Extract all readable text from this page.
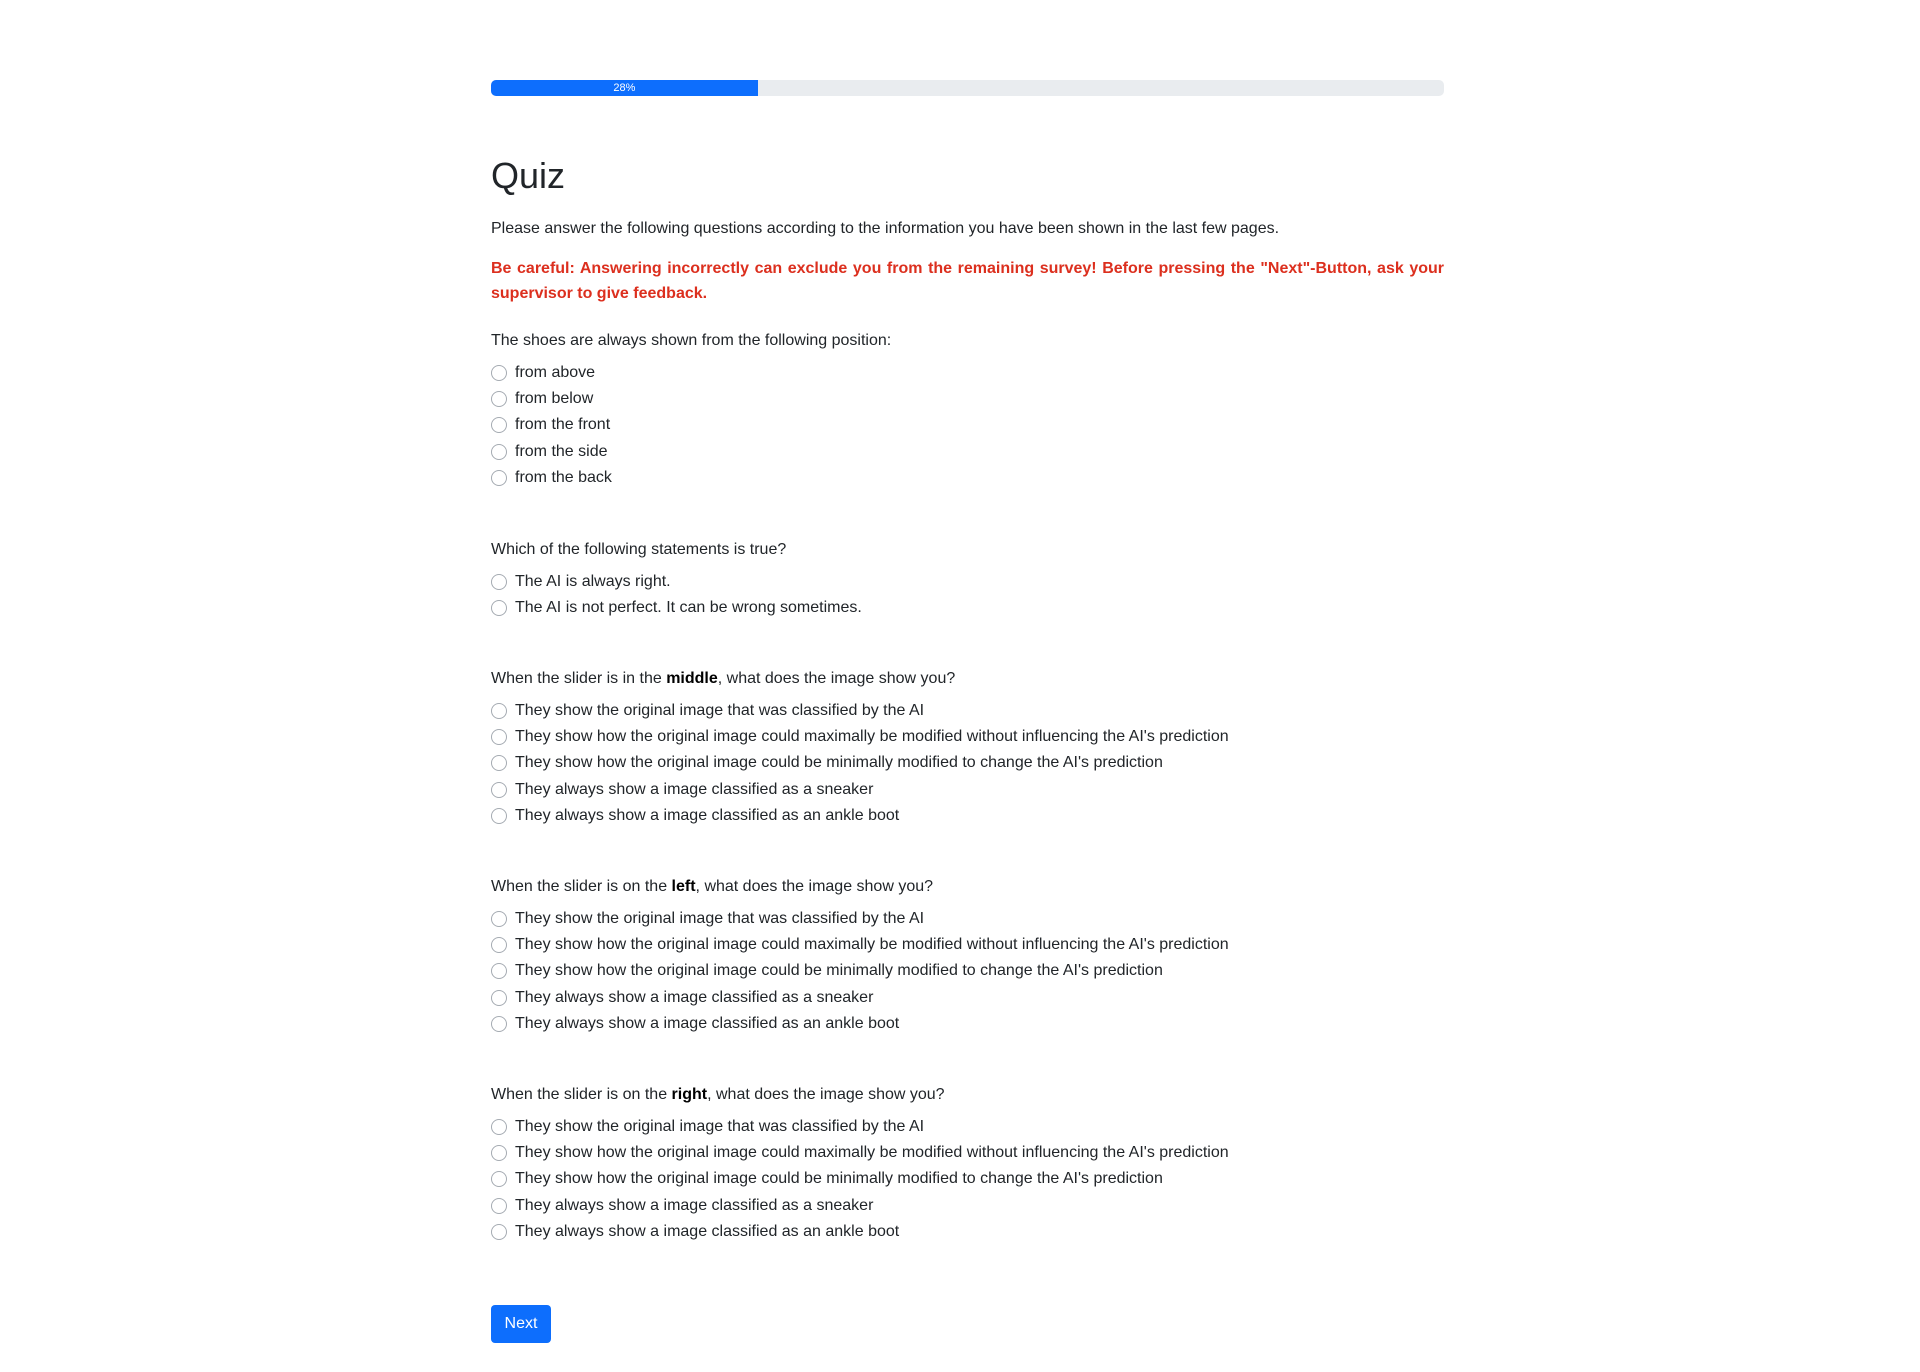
28%
Quiz

Please answer the following questions according to the information you have been shown in the last few pages.

Be careful: Answering incorrectly can exclude you from the remaining survey! Before pressing the "Next"-Button, ask your supervisor to give feedback.

The shoes are always shown from the following position:

from above
from below
from the front
from the side
from the back

Which of the following statements is true?

The AI is always right.
The AI is not perfect. It can be wrong sometimes.

When the slider is in the middle, what does the image show you?

They show the original image that was classified by the AI
They show how the original image could maximally be modified without influencing the AI's prediction
They show how the original image could be minimally modified to change the AI's prediction
They always show a image classified as a sneaker
They always show a image classified as an ankle boot

When the slider is on the left, what does the image show you?

They show the original image that was classified by the AI
They show how the original image could maximally be modified without influencing the AI's prediction
They show how the original image could be minimally modified to change the AI's prediction
They always show a image classified as a sneaker
They always show a image classified as an ankle boot

When the slider is on the right, what does the image show you?

They show the original image that was classified by the AI
They show how the original image could maximally be modified without influencing the AI's prediction
They show how the original image could be minimally modified to change the AI's prediction
They always show a image classified as a sneaker
They always show a image classified as an ankle boot
Next
